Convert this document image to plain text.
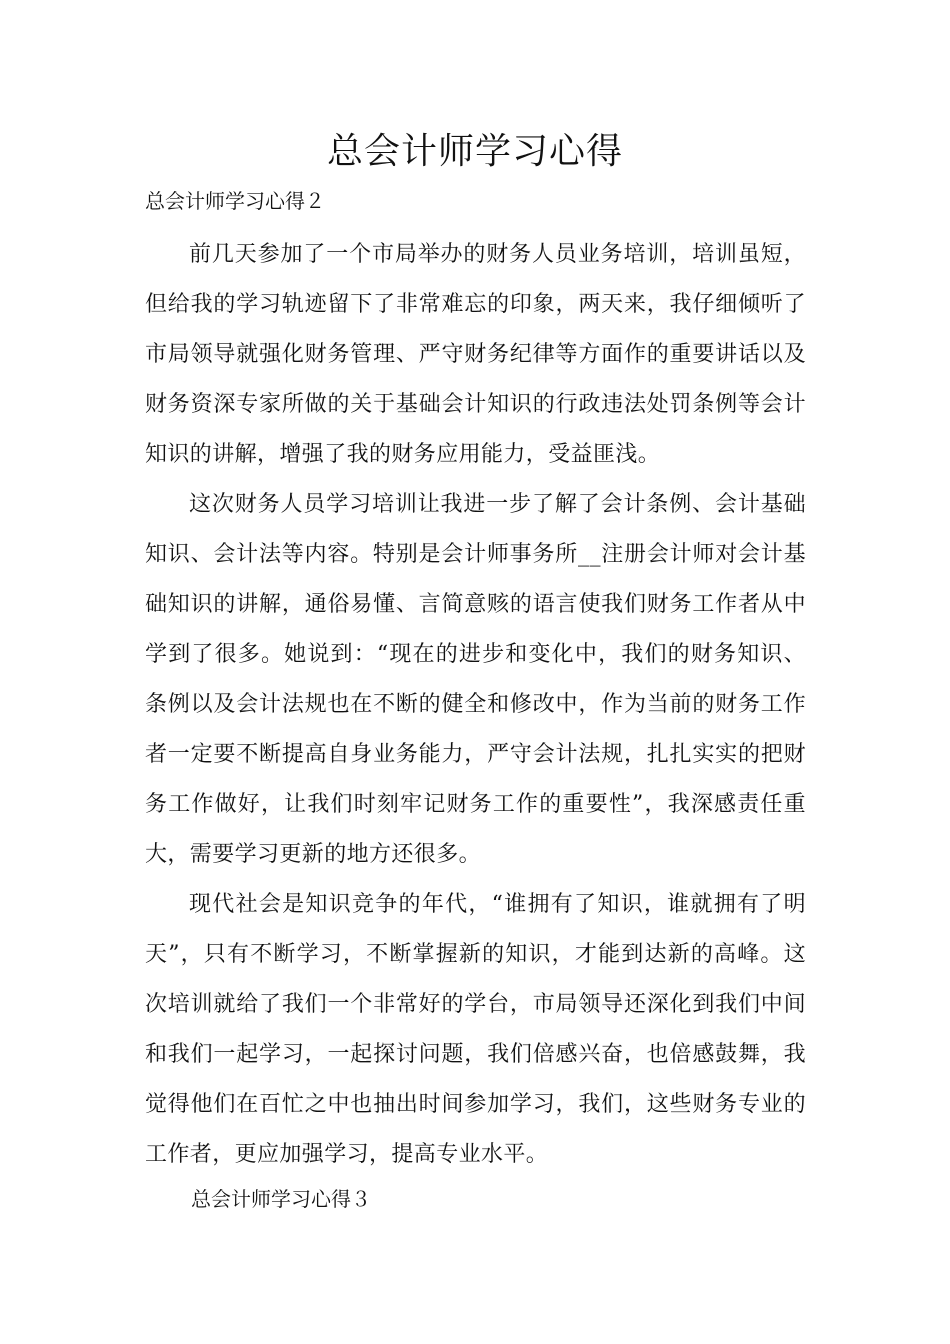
总会计师学习心得

总会计师学习心得２

前几天参加了一个市局举办的财务人员业务培训，培训虽短，但给我的学习轨迹留下了非常难忘的印象，两天来，我仔细倾听了市局领导就强化财务管理、严守财务纪律等方面作的重要讲话以及财务资深专家所做的关于基础会计知识的行政违法处罚条例等会计知识的讲解，增强了我的财务应用能力，受益匪浅。

这次财务人员学习培训让我进一步了解了会计条例、会计基础知识、会计法等内容。特别是会计师事务所__注册会计师对会计基础知识的讲解，通俗易懂、言简意赅的语言使我们财务工作者从中学到了很多。她说到：“现在的进步和变化中，我们的财务知识、条例以及会计法规也在不断的健全和修改中，作为当前的财务工作者一定要不断提高自身业务能力，严守会计法规，扎扎实实的把财务工作做好，让我们时刻牢记财务工作的重要性”，我深感责任重大，需要学习更新的地方还很多。

现代社会是知识竞争的年代，“谁拥有了知识，谁就拥有了明天”，只有不断学习，不断掌握新的知识，才能到达新的高峰。这次培训就给了我们一个非常好的学台，市局领导还深化到我们中间和我们一起学习，一起探讨问题，我们倍感兴奋，也倍感鼓舞，我觉得他们在百忙之中也抽出时间参加学习，我们，这些财务专业的工作者，更应加强学习，提高专业水平。

总会计师学习心得３
